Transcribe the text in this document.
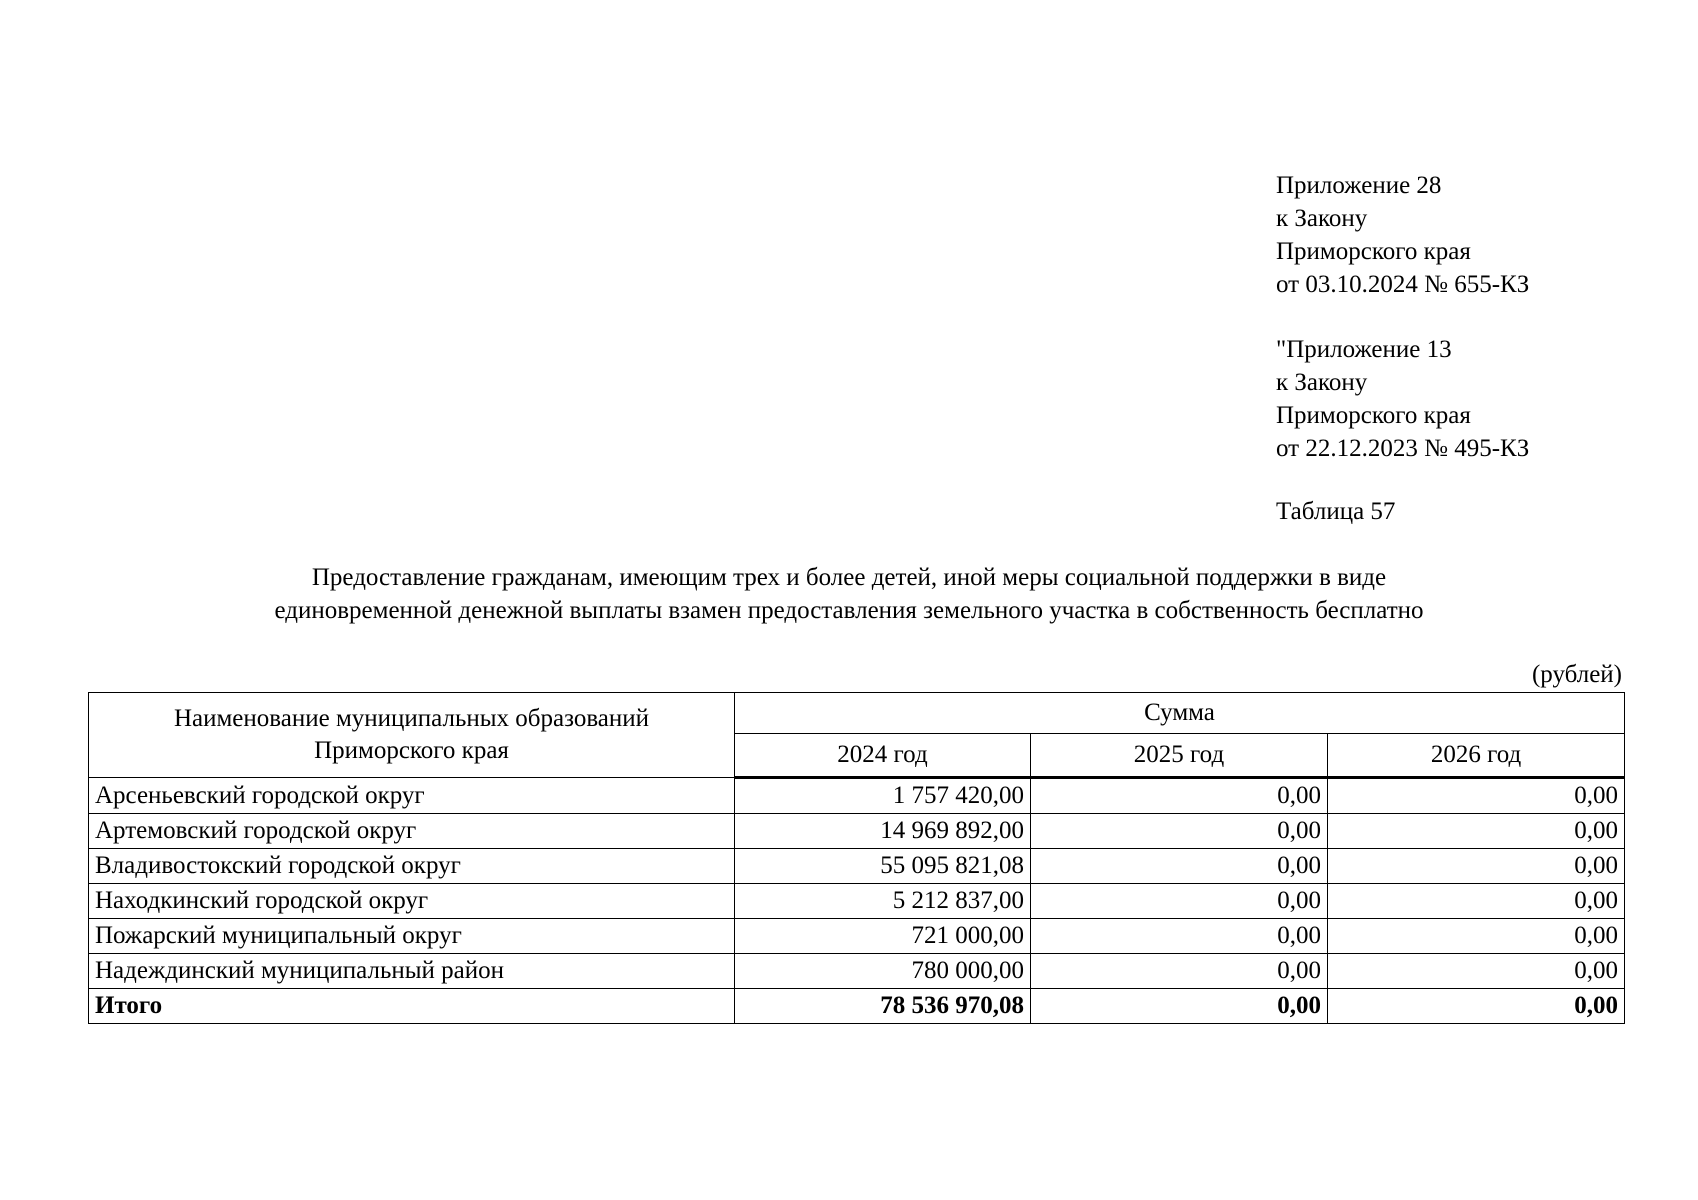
Приложение 28
к Закону
Приморского края
от 03.10.2024 № 655-КЗ
"Приложение 13
к Закону
Приморского края
от 22.12.2023 № 495-КЗ
Таблица 57
Предоставление гражданам, имеющим трех и более детей, иной меры социальной поддержки в виде
единовременной денежной выплаты взамен предоставления земельного участка в собственность бесплатно
(рублей)
Наименование муниципальных образований
Приморского края	Сумма		
	2024 год	2025 год	2026 год
Арсеньевский городской округ	1 757 420,00	0,00	0,00
Артемовский городской округ	14 969 892,00	0,00	0,00
Владивостокский городской округ	55 095 821,08	0,00	0,00
Находкинский городской округ	5 212 837,00	0,00	0,00
Пожарский муниципальный округ	721 000,00	0,00	0,00
Надеждинский муниципальный район	780 000,00	0,00	0,00
Итого	78 536 970,08	0,00	0,00
